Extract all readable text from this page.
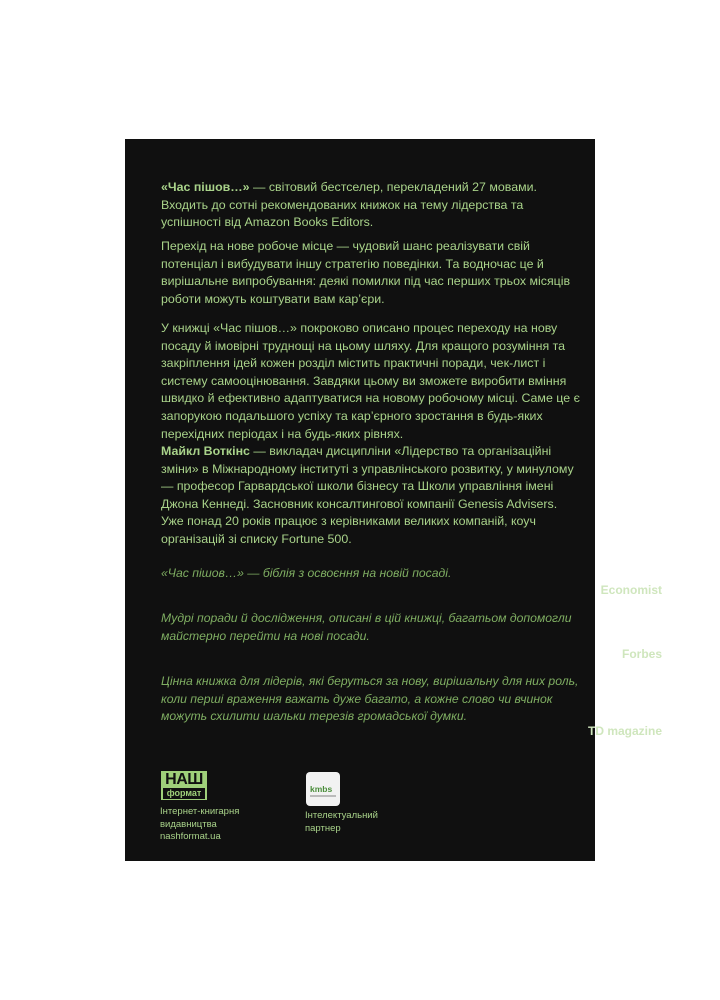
«Час пішов…» — світовий бестселер, перекладений 27 мовами. Входить до сотні рекомендованих книжок на тему лідерства та успішності від Amazon Books Editors.
Перехід на нове робоче місце — чудовий шанс реалізувати свій потенціал і вибудувати іншу стратегію поведінки. Та водночас це й вирішальне випробування: деякі помилки під час перших трьох місяців роботи можуть коштувати вам кар’єри.
У книжці «Час пішов…» покроково описано процес переходу на нову посаду й імовірні труднощі на цьому шляху. Для кращого розуміння та закріплення ідей кожен розділ містить практичні поради, чек-лист і систему самооцінювання. Завдяки цьому ви зможете виробити вміння швидко й ефективно адаптуватися на новому робочому місці. Саме це є запорукою подальшого успіху та кар’єрного зростання в будь-яких перехідних періодах і на будь-яких рівнях.
Майкл Воткінс — викладач дисципліни «Лідерство та організаційні зміни» в Міжнародному інституті з управлінського розвитку, у минулому — професор Гарвардської школи бізнесу та Школи управління імені Джона Кеннеді. Засновник консалтингової компанії Genesis Advisers. Уже понад 20 років працює з керівниками великих компаній, коуч організацій зі списку Fortune 500.
«Час пішов…» — біблія з освоєння на новій посаді.
Economist
Мудрі поради й дослідження, описані в цій книжці, багатьом допомогли майстерно перейти на нові посади.
Forbes
Цінна книжка для лідерів, які беруться за нову, вирішальну для них роль, коли перші враження важать дуже багато, а кожне слово чи вчинок можуть схилити шальки терезів громадської думки.
TD magazine
НАШ
формат
Інтернет-книгарня
видавництва
nashformat.ua
kmbs
Інтелектуальний
партнер
